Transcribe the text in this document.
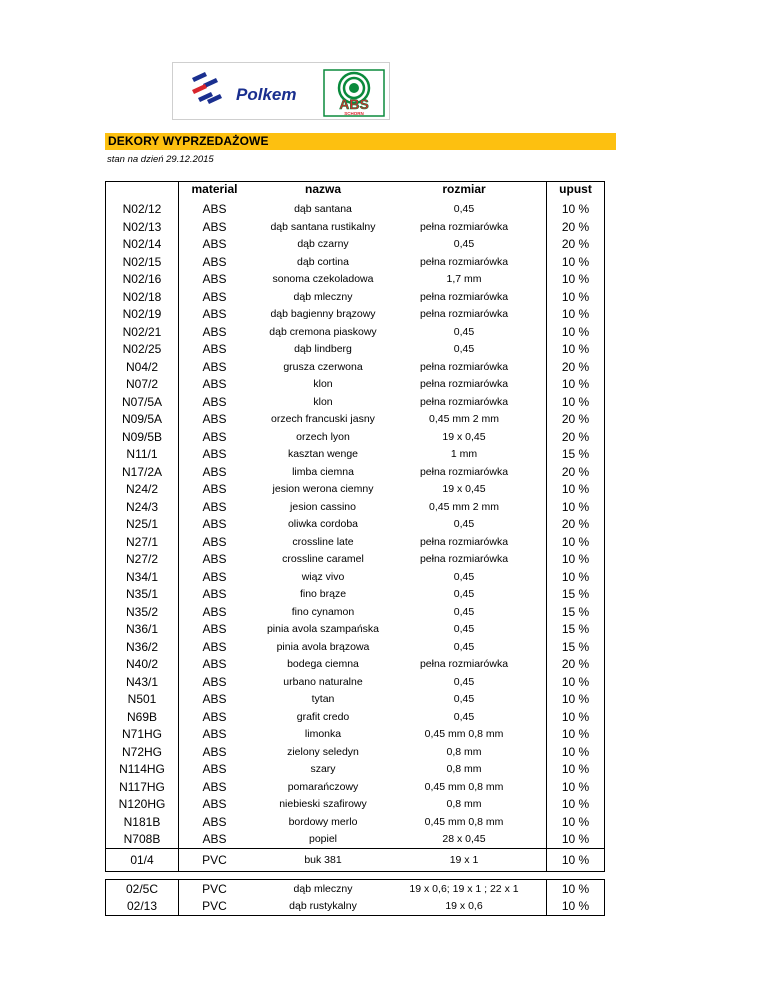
Polkem	ABS
SCHORN
DEKORY WYPRZEDAŻOWE
stan na dzień 29.12.2015
	material	nazwa	rozmiar		upust
N02/12	ABS	dąb santana	0,45		10 %
N02/13	ABS	dąb santana rustikalny	pełna rozmiarówka		20 %
N02/14	ABS	dąb czarny	0,45		20 %
N02/15	ABS	dąb cortina	pełna rozmiarówka		10 %
N02/16	ABS	sonoma czekoladowa	1,7 mm		10 %
N02/18	ABS	dąb mleczny	pełna rozmiarówka		10 %
N02/19	ABS	dąb bagienny brązowy	pełna rozmiarówka		10 %
N02/21	ABS	dąb cremona piaskowy	0,45		10 %
N02/25	ABS	dąb lindberg	0,45		10 %
N04/2	ABS	grusza czerwona	pełna rozmiarówka		20 %
N07/2	ABS	klon	pełna rozmiarówka		10 %
N07/5A	ABS	klon	pełna rozmiarówka		10 %
N09/5A	ABS	orzech francuski jasny	0,45 mm 2 mm		20 %
N09/5B	ABS	orzech lyon	19 x 0,45		20 %
N11/1	ABS	kasztan wenge	1 mm		15 %
N17/2A	ABS	limba ciemna	pełna rozmiarówka		20 %
N24/2	ABS	jesion werona ciemny	19 x 0,45		10 %
N24/3	ABS	jesion cassino	0,45 mm 2 mm		10 %
N25/1	ABS	oliwka cordoba	0,45		20 %
N27/1	ABS	crossline late	pełna rozmiarówka		10 %
N27/2	ABS	crossline caramel	pełna rozmiarówka		10 %
N34/1	ABS	wiąz vivo	0,45		10 %
N35/1	ABS	fino brąze	0,45		15 %
N35/2	ABS	fino cynamon	0,45		15 %
N36/1	ABS	pinia avola szampańska	0,45		15 %
N36/2	ABS	pinia avola brązowa	0,45		15 %
N40/2	ABS	bodega ciemna	pełna rozmiarówka		20 %
N43/1	ABS	urbano naturalne	0,45		10 %
N501	ABS	tytan	0,45		10 %
N69B	ABS	grafit credo	0,45		10 %
N71HG	ABS	limonka	0,45 mm 0,8 mm		10 %
N72HG	ABS	zielony seledyn	0,8 mm		10 %
N114HG	ABS	szary	0,8 mm		10 %
N117HG	ABS	pomarańczowy	0,45 mm 0,8 mm		10 %
N120HG	ABS	niebieski szafirowy	0,8 mm		10 %
N181B	ABS	bordowy merlo	0,45 mm 0,8 mm		10 %
N708B	ABS	popiel	28 x 0,45		10 %
01/4	PVC	buk 381	19 x 1		10 %
02/5C	PVC	dąb mleczny	19 x 0,6; 19 x 1 ; 22 x 1		10 %
02/13	PVC	dąb rustykalny	19 x 0,6		10 %
